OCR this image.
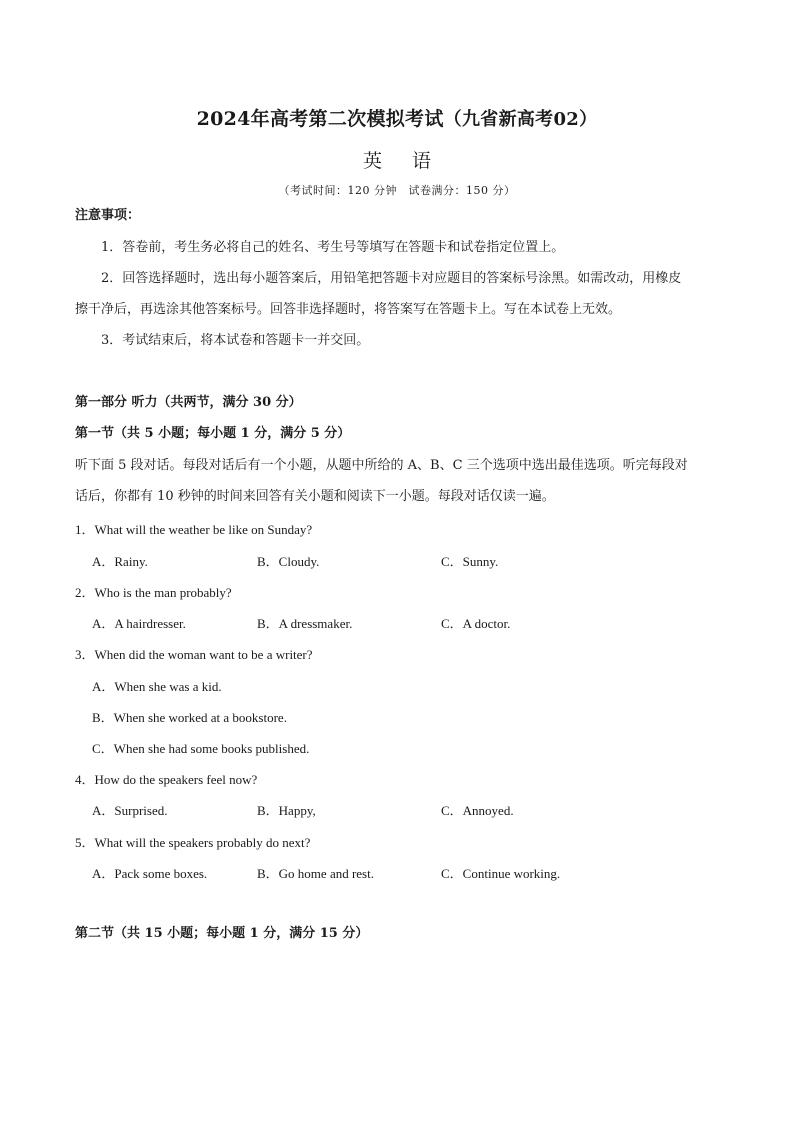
2024年高考第二次模拟考试（九省新高考02）
英语
（考试时间：120 分钟　试卷满分：150 分）
注意事项：
1．答卷前，考生务必将自己的姓名、考生号等填写在答题卡和试卷指定位置上。
2．回答选择题时，选出每小题答案后，用铅笔把答题卡对应题目的答案标号涂黑。如需改动，用橡皮
擦干净后，再选涂其他答案标号。回答非选择题时，将答案写在答题卡上。写在本试卷上无效。
3．考试结束后，将本试卷和答题卡一并交回。
第一部分 听力（共两节，满分 30 分）
第一节（共 5 小题；每小题 1 分，满分 5 分）
听下面 5 段对话。每段对话后有一个小题，从题中所给的 A、B、C 三个选项中选出最佳选项。听完每段对
话后，你都有 10 秒钟的时间来回答有关小题和阅读下一小题。每段对话仅读一遍。
1．What will the weather be like on Sunday?
A．Rainy.	B．Cloudy.	C．Sunny.
2．Who is the man probably?
A．A hairdresser.	B．A dressmaker.	C．A doctor.
3．When did the woman want to be a writer?
A．When she was a kid.
B．When she worked at a bookstore.
C．When she had some books published.
4．How do the speakers feel now?
A．Surprised.	B．Happy,	C．Annoyed.
5．What will the speakers probably do next?
A．Pack some boxes.	B．Go home and rest.	C．Continue working.
第二节（共 15 小题；每小题 1 分，满分 15 分）
